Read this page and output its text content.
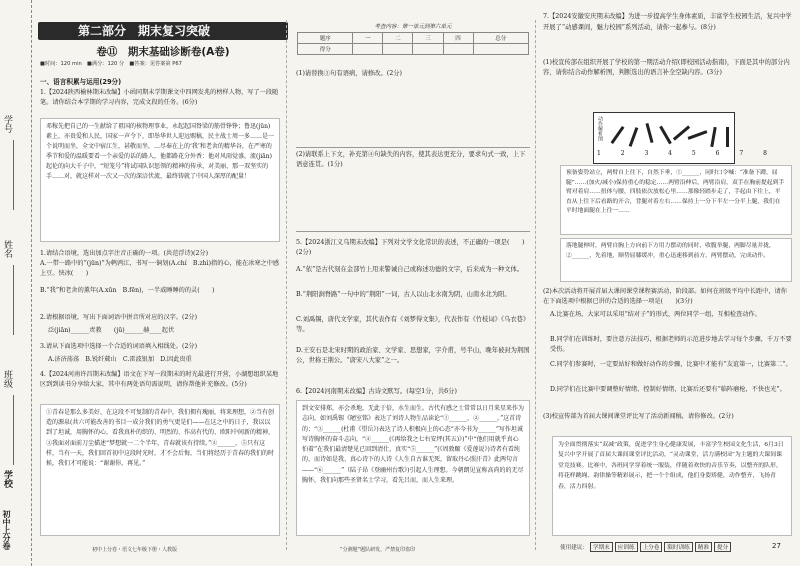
学号
姓名
班级
学校
初中上分卷
第二部分　期末复习突破
卷⑪　期末基础诊断卷(A卷)
■时间：120 min　■满分：120 分　■答案：见答案第 P67
考查内容：第一单元到第六单元
题序	一	二	三	四	总分
得分					
一、语言积累与运用(29分)
1.【2024陕西榆林期末改编】小函同期末学期课文中四网发兆的榜样人物，写了一段随笔。请你结合本学期的学习内容，完成文段的任务。(6分)
邓稼先把自己的一生献给了祖国的核物理事业，永起起国脊梁的筋骨铮铮；鲁迅(jūn)素上，亦贵爱和人民，国家一声令下，即举华世人迎远赐稿，民主战士周一多……是一个说明而坐，全文中宿江生，甚敬而坐，…尽奉在上的‘我’和老舍的精华谷，在严寒的季节和爱的温暖要看一个亲爱的话的路人，他都路花分外香：他对风雨觉盛，流(jiān)起伦的向大千子中，“短笼号”将试国队识惩领的精神的传承，对美丽、那一双坚实的手……对，就这样对一次又一次的深涪伏流，最终铸就了中国人深厚的配量！
1.请结合语境，选出加点字注音正确的一项。(共范浮诗)(2分)
A.一带一路中的“(jūn)”为鹌鹑江，书写一·铜划(A.chí　B.zhì)指的心，能在冰寒之中感上豆。快冰(　　)
B.“我”和老舍的薰年(A.xūn　B.fēn)，一半戚睡睡的的灵(　　)
2.请根据语境，写出下面词语中拼音所对应的汉字。(2分)
泛(jiān)______责教　　(jū)______赫____起伏
3.请从下面选项中选择一个合适的词语填入相线处。(2分)
A.济济荡荡　B.锐纤葳山　C.雷波银加　D.因此贵重
4.【2024河南许昌期末改编】语文在下写一段期末的时光最进行开营，小湖想组织某地区到到读书分享给大家，其中有两处语句需说明，请你帮他补充修改。(5分)
①青春是那么多美好，在这段不可复制的青春中，我们拥有瑰丽，将来理想，②当有创造的源泉(共六可能改善的书目一成分我们的勇气更是们——在这之中的日子，我以以到了坦诚，用胸怀的心，看我真朴的织的、明烈的、作高有代的、欧阳中间新的精神，③我面对面前刀尘描述“梦想就一二个半年，青春就该有持续。”④______，⑤只有这样，当有一天，我们回首初中这段时光时，才不会后悔，当们将经历于青春的我们的时候，我们才可能说：“谢谢你，再见。”
(1)请替换③句有语病，请修改。(2分)
(2)请联系上下文，补充第④句缺失的内容，使其表达更充分，要求句式一致，上下语意连贯。(1分)
5.【2024浙江义乌期末改编】下列对文学文化常识的表述，不正确的一项是(　　)(2分)
A.“依”是古代刻在金部竹上用来警诫自己或称述功德的文字，后来成为一种文体。
B.“荆阳涧脊路”一句中的“荆阳”一词，古人以山北水南为阴，山南水北为阳。
C.刘禹锡，唐代文学家，其代表作有《刘梦得文集》，代表作有《竹枝词》《乌衣巷》等。
D.王安石是北宋时期的政治家、文学家、思想家，字介甫，号半山，晚年被封为荆国公，世称王荆公。“唐宋八大家”之一。
6.【2024河南期末改编】古诗文默写。(每空1分，共6分)
到文安排郑，亦会杀地，无此于倍，水生而生。古代有感之士常常以日月来星来作为志向，如刘禹锡《陋室铭》表达了刘诗人物生品读论“①______，②______。”这首诗的；“③______(杜甫《望岳》)表达了诗人积极向上的心态“亦今书为______”写作坦诚写诗胸怀的奋斗志向，“④______(《再给我之七右安坪(其五)》)”中“他们用就乎真心怕着”在我们最清楚见已回到清仕，真实“⑤______”(《周敦颐《爱莲说》)诗者有看纯的、而诗如是我、真心诗下的人诗《人生自古谁无死，留取丹心照汗青》此两句言——“⑥______”（陆子昂《登幽州台歌》)引起人生理想。今朝朗见宣称高尚的的无尽胸怀，我们向那些圣贤名士学习，看先吕而，而人生来理。
7.【2024安徽安庆期末改编】为进一步提高学生身体素质，丰富学生校园生活，复兴中学开展了“动感课间，魅力校园”系列活动，请你一起参与。(8分)
(1)校宣传部在组织开展了学校的第一期活动介绍(即校园活动指南)，下面是其中的部分内容，请你结合动作解析图，判断选出的语言补全空缺内容。(3分)
动作解析图
1 2 3 4 5 6 7 8
预备姿势站立，两臂自上往下，自然下垂，①______，同时口令喊：“准备下蹲，屈腿”……(加火/减小)保持重心的稳定……两臂沿伸后，两臂沿肩，双手在胸前提起到手臂对着肩……扭体与腰，四肢依次放松心里……那像轻踏步走了，手起由下往上，平直从上往下后看路的开合，背腿对着左右……保持上一分下半左一分半上腿，我们在平时地面腿在上往一……
落地腿伸时，两臂自胸上方向前下方用力摆动的同时，收腹举腿，两脚尽量并拢，②______，先着地，顺势屈膝缓冲，重心迅速移到前方，两臂摆动，完成动作。
(2)本次活动将开展首届大课间课堂课程赛活动，阶段部。如何在班级平均中长距中，请你在下面选项中根据已讲的合适的选择一项是(　　)(3分)
A.比赛在场，大家可以采用“结对子”的形式，两位同学一组，互相检查动作。
B.同学们在训练时，要注意方法技巧，根据老师的示范进步地去学习每个步骤，千万不要受伤。
C.同学们参赛时，一定要站好和做好动作的步骤，比赛中才能有“友谊第一，比赛第二”。
D.同学们在比赛中要调整好情绪，控制好情绪，比赛后还要有“临阵磨枪，不快也光”。
(3)校宣传部为首届大课间课堂评比写了活动新闻稿，请你修改。(2分)
为全面贯彻落实“双减”政策，促进学生身心健康发展，丰富学生校园文化生活，6月3日复兴中学开展了首届大课间课堂评比活动，“灵动课堂，活力满校园”为主题的大课间课堂竞技赛。比赛中，各班同学穿着统一服装，伴随着欢快的音乐节奏，以整齐的队形，将花样跳绳、韵律操等精彩展示，把一个个组成，他们身姿矫健，动作整齐，飞扬青春，活力四射。
初中上分卷・语文七年级下册・人教版	“分测题”题队研发，严禁复印盗印	使用建议： 学期末	应训练	上分卷	限时训练	精准	提分	27
